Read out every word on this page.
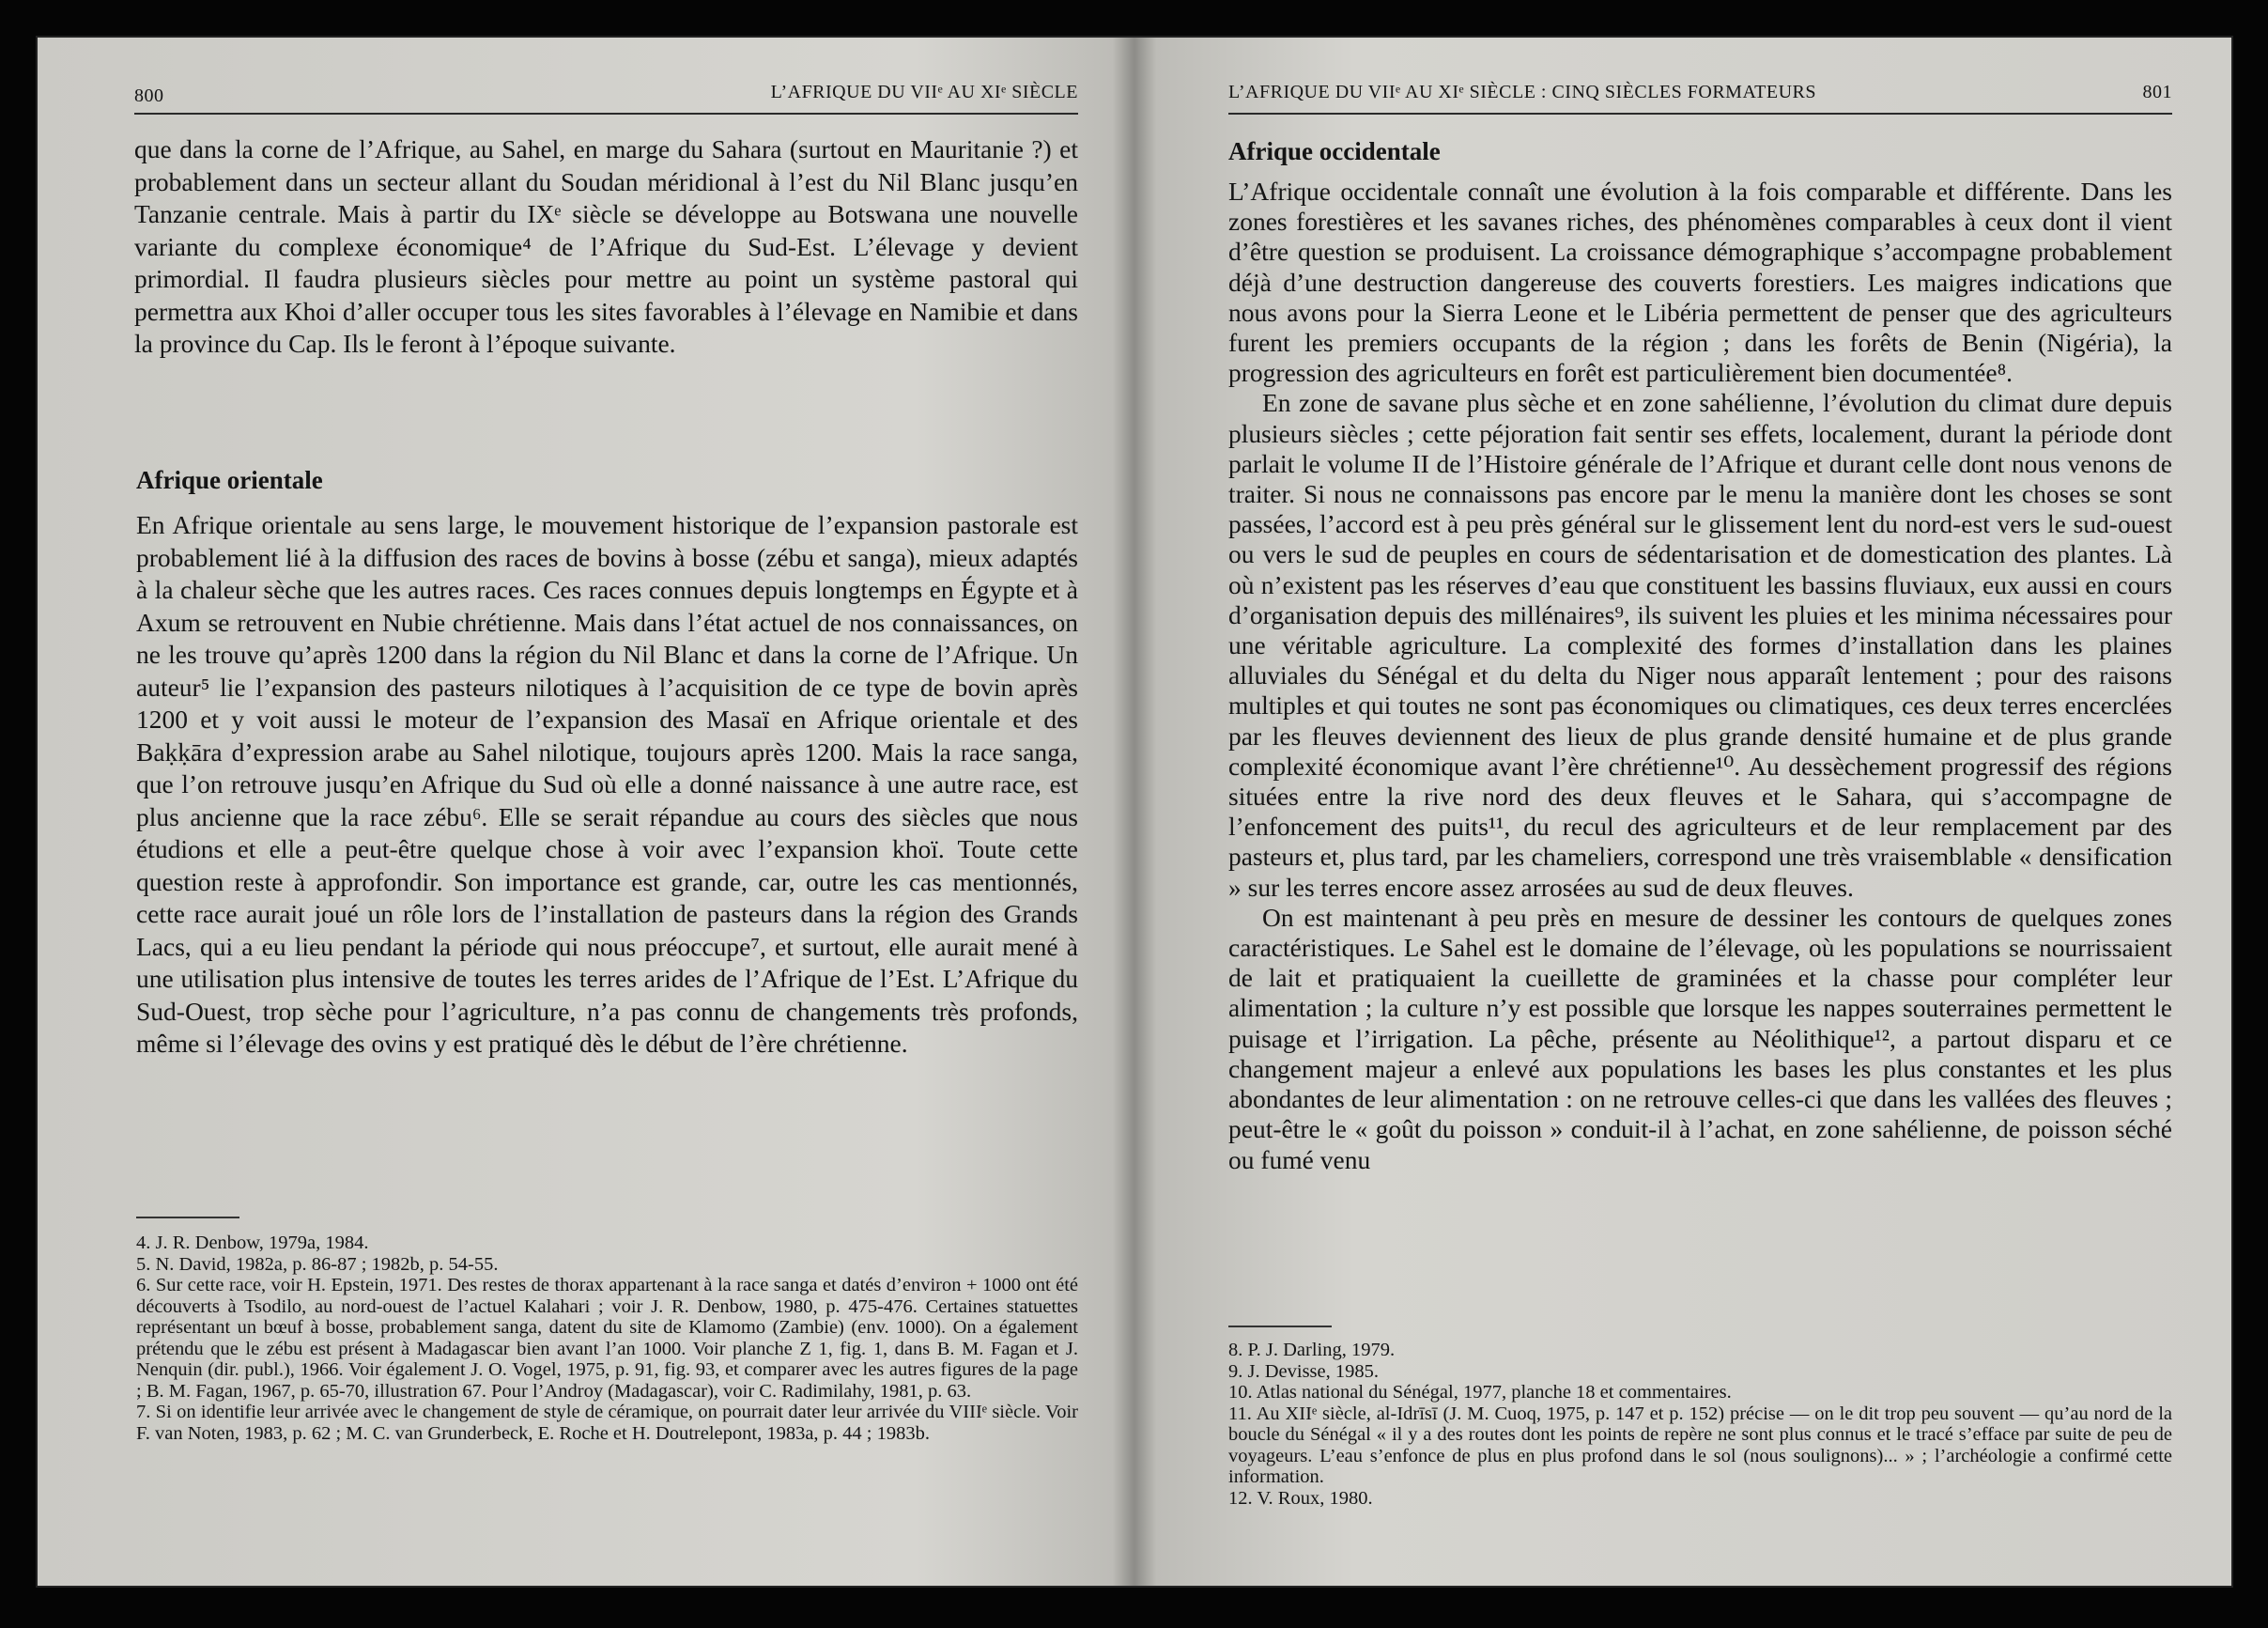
800	L’AFRIQUE DU VIIᵉ AU XIᵉ SIÈCLE

que dans la corne de l’Afrique, au Sahel, en marge du Sahara (surtout en Mauritanie ?) et probablement dans un secteur allant du Soudan méridional à l’est du Nil Blanc jusqu’en Tanzanie centrale. Mais à partir du IXᵉ siècle se développe au Botswana une nouvelle variante du complexe économique⁴ de l’Afrique du Sud-Est. L’élevage y devient primordial. Il faudra plusieurs siècles pour mettre au point un système pastoral qui permettra aux Khoi d’aller occuper tous les sites favorables à l’élevage en Namibie et dans la province du Cap. Ils le feront à l’époque suivante.

Afrique orientale

En Afrique orientale au sens large, le mouvement historique de l’expansion pastorale est probablement lié à la diffusion des races de bovins à bosse (zébu et sanga), mieux adaptés à la chaleur sèche que les autres races. Ces races connues depuis longtemps en Égypte et à Axum se retrouvent en Nubie chrétienne. Mais dans l’état actuel de nos connaissances, on ne les trouve qu’après 1200 dans la région du Nil Blanc et dans la corne de l’Afrique. Un auteur⁵ lie l’expansion des pasteurs nilotiques à l’acquisition de ce type de bovin après 1200 et y voit aussi le moteur de l’expansion des Masaï en Afrique orientale et des Baḳḳāra d’expression arabe au Sahel nilotique, toujours après 1200. Mais la race sanga, que l’on retrouve jusqu’en Afrique du Sud où elle a donné naissance à une autre race, est plus ancienne que la race zébu⁶. Elle se serait répandue au cours des siècles que nous étudions et elle a peut-être quelque chose à voir avec l’expansion khoï. Toute cette question reste à approfondir. Son importance est grande, car, outre les cas mentionnés, cette race aurait joué un rôle lors de l’installation de pasteurs dans la région des Grands Lacs, qui a eu lieu pendant la période qui nous préoccupe⁷, et surtout, elle aurait mené à une utilisation plus intensive de toutes les terres arides de l’Afrique de l’Est. L’Afrique du Sud-Ouest, trop sèche pour l’agriculture, n’a pas connu de changements très profonds, même si l’élevage des ovins y est pratiqué dès le début de l’ère chrétienne.

4. J. R. Denbow, 1979a, 1984.

5. N. David, 1982a, p. 86-87 ; 1982b, p. 54-55.

6. Sur cette race, voir H. Epstein, 1971. Des restes de thorax appartenant à la race sanga et datés d’environ + 1000 ont été découverts à Tsodilo, au nord-ouest de l’actuel Kalahari ; voir J. R. Denbow, 1980, p. 475-476. Certaines statuettes représentant un bœuf à bosse, probablement sanga, datent du site de Klamomo (Zambie) (env. 1000). On a également prétendu que le zébu est présent à Madagascar bien avant l’an 1000. Voir planche Z 1, fig. 1, dans B. M. Fagan et J. Nenquin (dir. publ.), 1966. Voir également J. O. Vogel, 1975, p. 91, fig. 93, et comparer avec les autres figures de la page ; B. M. Fagan, 1967, p. 65-70, illustration 67. Pour l’Androy (Madagascar), voir C. Radimilahy, 1981, p. 63.

7. Si on identifie leur arrivée avec le changement de style de céramique, on pourrait dater leur arrivée du VIIIᵉ siècle. Voir F. van Noten, 1983, p. 62 ; M. C. van Grunderbeck, E. Roche et H. Doutrelepont, 1983a, p. 44 ; 1983b.

L’AFRIQUE DU VIIᵉ AU XIᵉ SIÈCLE : CINQ SIÈCLES FORMATEURS	801
Afrique occidentale

L’Afrique occidentale connaît une évolution à la fois comparable et différente. Dans les zones forestières et les savanes riches, des phénomènes comparables à ceux dont il vient d’être question se produisent. La croissance démographique s’accompagne probablement déjà d’une destruction dangereuse des couverts forestiers. Les maigres indications que nous avons pour la Sierra Leone et le Libéria permettent de penser que des agriculteurs furent les premiers occupants de la région ; dans les forêts de Benin (Nigéria), la progression des agriculteurs en forêt est particulièrement bien documentée⁸.

En zone de savane plus sèche et en zone sahélienne, l’évolution du climat dure depuis plusieurs siècles ; cette péjoration fait sentir ses effets, localement, durant la période dont parlait le volume II de l’Histoire générale de l’Afrique et durant celle dont nous venons de traiter. Si nous ne connaissons pas encore par le menu la manière dont les choses se sont passées, l’accord est à peu près général sur le glissement lent du nord-est vers le sud-ouest ou vers le sud de peuples en cours de sédentarisation et de domestication des plantes. Là où n’existent pas les réserves d’eau que constituent les bassins fluviaux, eux aussi en cours d’organisation depuis des millénaires⁹, ils suivent les pluies et les minima nécessaires pour une véritable agriculture. La complexité des formes d’installation dans les plaines alluviales du Sénégal et du delta du Niger nous apparaît lentement ; pour des raisons multiples et qui toutes ne sont pas économiques ou climatiques, ces deux terres encerclées par les fleuves deviennent des lieux de plus grande densité humaine et de plus grande complexité économique avant l’ère chrétienne¹⁰. Au dessèchement progressif des régions situées entre la rive nord des deux fleuves et le Sahara, qui s’accompagne de l’enfoncement des puits¹¹, du recul des agriculteurs et de leur remplacement par des pasteurs et, plus tard, par les chameliers, correspond une très vraisemblable « densification » sur les terres encore assez arrosées au sud de deux fleuves.

On est maintenant à peu près en mesure de dessiner les contours de quelques zones caractéristiques. Le Sahel est le domaine de l’élevage, où les populations se nourrissaient de lait et pratiquaient la cueillette de graminées et la chasse pour compléter leur alimentation ; la culture n’y est possible que lorsque les nappes souterraines permettent le puisage et l’irrigation. La pêche, présente au Néolithique¹², a partout disparu et ce changement majeur a enlevé aux populations les bases les plus constantes et les plus abondantes de leur alimentation : on ne retrouve celles-ci que dans les vallées des fleuves ; peut-être le « goût du poisson » conduit-il à l’achat, en zone sahélienne, de poisson séché ou fumé venu

8. P. J. Darling, 1979.

9. J. Devisse, 1985.

10. Atlas national du Sénégal, 1977, planche 18 et commentaires.

11. Au XIIᵉ siècle, al-Idrīsī (J. M. Cuoq, 1975, p. 147 et p. 152) précise — on le dit trop peu souvent — qu’au nord de la boucle du Sénégal « il y a des routes dont les points de repère ne sont plus connus et le tracé s’efface par suite de peu de voyageurs. L’eau s’enfonce de plus en plus profond dans le sol (nous soulignons)... » ; l’archéologie a confirmé cette information.

12. V. Roux, 1980.
